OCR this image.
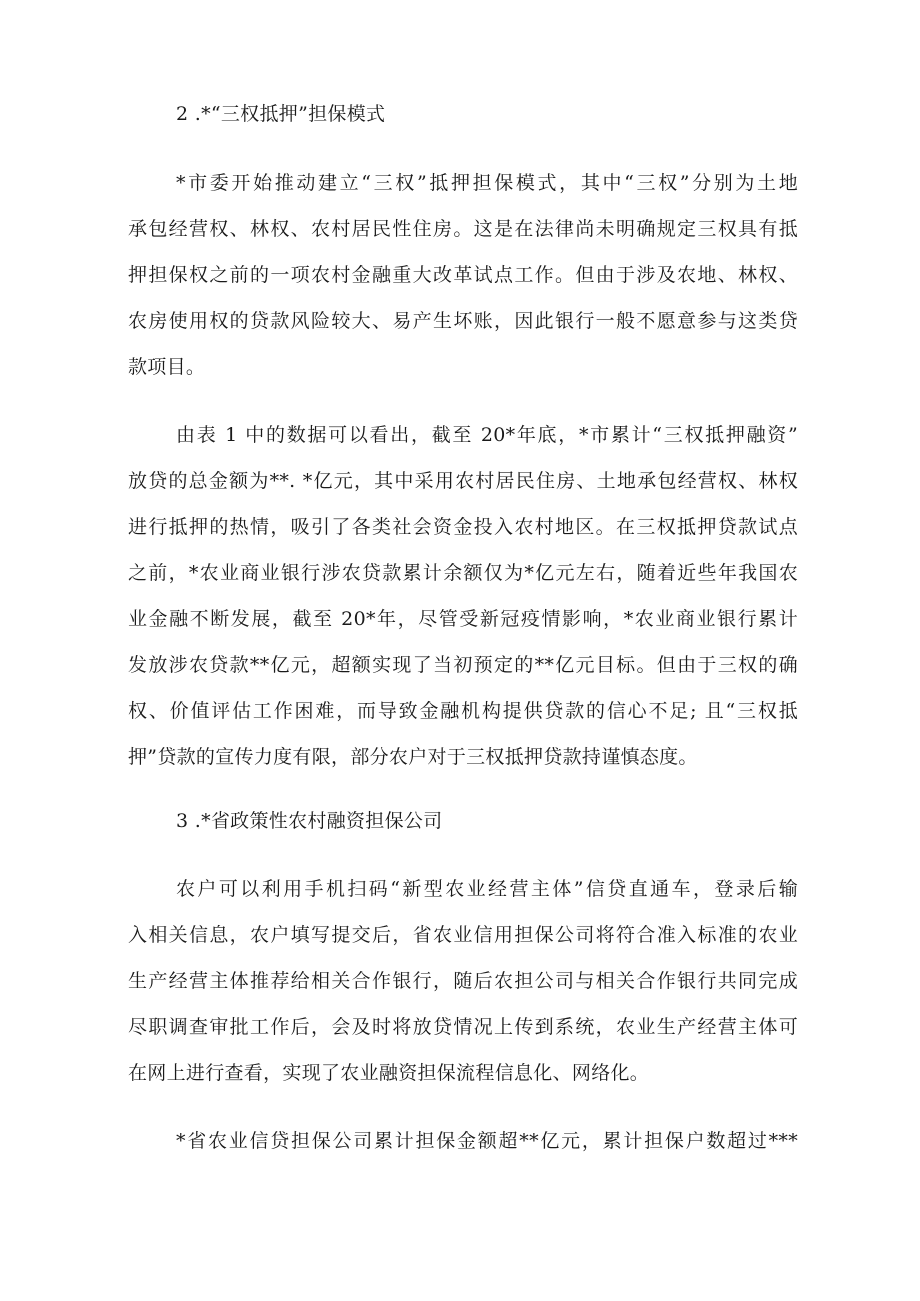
2 .*“三权抵押”担保模式
*市委开始推动建立“三权”抵押担保模式，其中“三权”分别为土地
承包经营权、林权、农村居民性住房。这是在法律尚未明确规定三权具有抵
押担保权之前的一项农村金融重大改革试点工作。但由于涉及农地、林权、
农房使用权的贷款风险较大、易产生坏账，因此银行一般不愿意参与这类贷
款项目。
由表 1 中的数据可以看出，截至 20*年底，*市累计“三权抵押融资”
放贷的总金额为**. *亿元，其中采用农村居民住房、土地承包经营权、林权
进行抵押的热情，吸引了各类社会资金投入农村地区。在三权抵押贷款试点
之前，*农业商业银行涉农贷款累计余额仅为*亿元左右，随着近些年我国农
业金融不断发展，截至 20*年，尽管受新冠疫情影响，*农业商业银行累计
发放涉农贷款**亿元，超额实现了当初预定的**亿元目标。但由于三权的确
权、价值评估工作困难，而导致金融机构提供贷款的信心不足; 且“三权抵
押”贷款的宣传力度有限，部分农户对于三权抵押贷款持谨慎态度。
3 .*省政策性农村融资担保公司
农户可以利用手机扫码“新型农业经营主体”信贷直通车，登录后输
入相关信息，农户填写提交后，省农业信用担保公司将符合准入标准的农业
生产经营主体推荐给相关合作银行，随后农担公司与相关合作银行共同完成
尽职调查审批工作后，会及时将放贷情况上传到系统，农业生产经营主体可
在网上进行查看，实现了农业融资担保流程信息化、网络化。
*省农业信贷担保公司累计担保金额超**亿元，累计担保户数超过***
